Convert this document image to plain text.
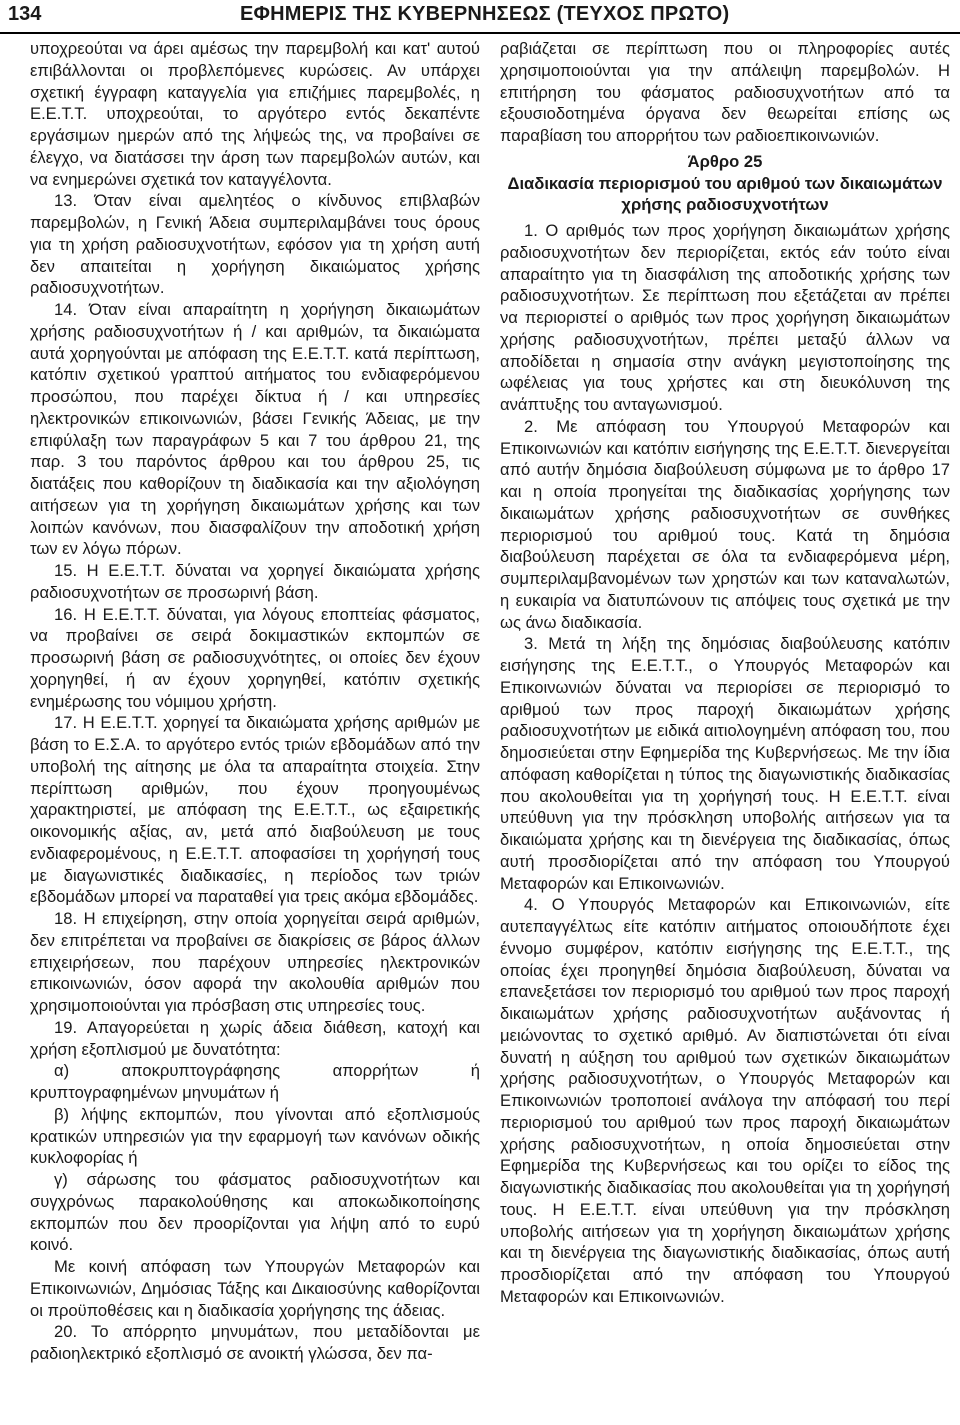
134	ΕΦΗΜΕΡΙΣ ΤΗΣ ΚΥΒΕΡΝΗΣΕΩΣ (ΤΕΥΧΟΣ ΠΡΩΤΟ)

υποχρεούται να άρει αμέσως την παρεμβολή και κατ' αυτού επιβάλλονται οι προβλεπόμενες κυρώσεις. Αν υπάρχει σχετική έγγραφη καταγγελία για επιζήμιες παρεμβολές, η Ε.Ε.Τ.Τ. υποχρεούται, το αργότερο εντός δεκαπέντε εργάσιμων ημερών από της λήψεώς της, να προβαίνει σε έλεγχο, να διατάσσει την άρση των παρεμβολών αυτών, και να ενημερώνει σχετικά τον καταγγέλοντα.

13. Όταν είναι αμελητέος ο κίνδυνος επιβλαβών παρεμβολών, η Γενική Άδεια συμπεριλαμβάνει τους όρους για τη χρήση ραδιοσυχνοτήτων, εφόσον για τη χρήση αυτή δεν απαιτείται η χορήγηση δικαιώματος χρήσης ραδιοσυχνοτήτων.

14. Όταν είναι απαραίτητη η χορήγηση δικαιωμάτων χρήσης ραδιοσυχνοτήτων ή / και αριθμών, τα δικαιώματα αυτά χορηγούνται με απόφαση της Ε.Ε.Τ.Τ. κατά περίπτωση, κατόπιν σχετικού γραπτού αιτήματος του ενδιαφερόμενου προσώπου, που παρέχει δίκτυα ή / και υπηρεσίες ηλεκτρονικών επικοινωνιών, βάσει Γενικής Άδειας, με την επιφύλαξη των παραγράφων 5 και 7 του άρθρου 21, της παρ. 3 του παρόντος άρθρου και του άρθρου 25, τις διατάξεις που καθορίζουν τη διαδικασία και την αξιολόγηση αιτήσεων για τη χορήγηση δικαιωμάτων χρήσης και των λοιπών κανόνων, που διασφαλίζουν την αποδοτική χρήση των εν λόγω πόρων.

15. Η Ε.Ε.Τ.Τ. δύναται να χορηγεί δικαιώματα χρήσης ραδιοσυχνοτήτων σε προσωρινή βάση.

16. Η Ε.Ε.Τ.Τ. δύναται, για λόγους εποπτείας φάσματος, να προβαίνει σε σειρά δοκιμαστικών εκπομπών σε προσωρινή βάση σε ραδιοσυχνότητες, οι οποίες δεν έχουν χορηγηθεί, ή αν έχουν χορηγηθεί, κατόπιν σχετικής ενημέρωσης του νόμιμου χρήστη.

17. Η Ε.Ε.Τ.Τ. χορηγεί τα δικαιώματα χρήσης αριθμών με βάση το Ε.Σ.Α. το αργότερο εντός τριών εβδομάδων από την υποβολή της αίτησης με όλα τα απαραίτητα στοιχεία. Στην περίπτωση αριθμών, που έχουν προηγουμένως χαρακτηριστεί, με απόφαση της Ε.Ε.Τ.Τ., ως εξαιρετικής οικονομικής αξίας, αν, μετά από διαβούλευση με τους ενδιαφερομένους, η Ε.Ε.Τ.Τ. αποφασίσει τη χορήγησή τους με διαγωνιστικές διαδικασίες, η περίοδος των τριών εβδομάδων μπορεί να παραταθεί για τρεις ακόμα εβδομάδες.

18. Η επιχείρηση, στην οποία χορηγείται σειρά αριθμών, δεν επιτρέπεται να προβαίνει σε διακρίσεις σε βάρος άλλων επιχειρήσεων, που παρέχουν υπηρεσίες ηλεκτρονικών επικοινωνιών, όσον αφορά την ακολουθία αριθμών που χρησιμοποιούνται για πρόσβαση στις υπηρεσίες τους.

19. Απαγορεύεται η χωρίς άδεια διάθεση, κατοχή και χρήση εξοπλισμού με δυνατότητα:

α) αποκρυπτογράφησης απορρήτων ή κρυπτογραφημένων μηνυμάτων ή

β) λήψης εκπομπών, που γίνονται από εξοπλισμούς κρατικών υπηρεσιών για την εφαρμογή των κανόνων οδικής κυκλοφορίας ή

γ) σάρωσης του φάσματος ραδιοσυχνοτήτων και συγχρόνως παρακολούθησης και αποκωδικοποίησης εκπομπών που δεν προορίζονται για λήψη από το ευρύ κοινό.

Με κοινή απόφαση των Υπουργών Μεταφορών και Επικοινωνιών, Δημόσιας Τάξης και Δικαιοσύνης καθορίζονται οι προϋποθέσεις και η διαδικασία χορήγησης της άδειας.

20. Το απόρρητο μηνυμάτων, που μεταδίδονται με ραδιοηλεκτρικό εξοπλισμό σε ανοικτή γλώσσα, δεν πα-

ραβιάζεται σε περίπτωση που οι πληροφορίες αυτές χρησιμοποιούνται για την απάλειψη παρεμβολών. Η επιτήρηση του φάσματος ραδιοσυχνοτήτων από τα εξουσιοδοτημένα όργανα δεν θεωρείται επίσης ως παραβίαση του απορρήτου των ραδιοεπικοινωνιών.

Άρθρο 25

Διαδικασία περιορισμού του αριθμού των δικαιωμάτων χρήσης ραδιοσυχνοτήτων

1. Ο αριθμός των προς χορήγηση δικαιωμάτων χρήσης ραδιοσυχνοτήτων δεν περιορίζεται, εκτός εάν τούτο είναι απαραίτητο για τη διασφάλιση της αποδοτικής χρήσης των ραδιοσυχνοτήτων. Σε περίπτωση που εξετάζεται αν πρέπει να περιοριστεί ο αριθμός των προς χορήγηση δικαιωμάτων χρήσης ραδιοσυχνοτήτων, πρέπει μεταξύ άλλων να αποδίδεται η σημασία στην ανάγκη μεγιστοποίησης της ωφέλειας για τους χρήστες και στη διευκόλυνση της ανάπτυξης του ανταγωνισμού.

2. Με απόφαση του Υπουργού Μεταφορών και Επικοινωνιών και κατόπιν εισήγησης της Ε.Ε.Τ.Τ. διενεργείται από αυτήν δημόσια διαβούλευση σύμφωνα με το άρθρο 17 και η οποία προηγείται της διαδικασίας χορήγησης των δικαιωμάτων χρήσης ραδιοσυχνοτήτων σε συνθήκες περιορισμού του αριθμού τους. Κατά τη δημόσια διαβούλευση παρέχεται σε όλα τα ενδιαφερόμενα μέρη, συμπεριλαμβανομένων των χρηστών και των καταναλωτών, η ευκαιρία να διατυπώνουν τις απόψεις τους σχετικά με την ως άνω διαδικασία.

3. Μετά τη λήξη της δημόσιας διαβούλευσης κατόπιν εισήγησης της Ε.Ε.Τ.Τ., ο Υπουργός Μεταφορών και Επικοινωνιών δύναται να περιορίσει σε περιορισμό το αριθμού των προς παροχή δικαιωμάτων χρήσης ραδιοσυχνοτήτων με ειδικά αιτιολογημένη απόφαση του, που δημοσιεύεται στην Εφημερίδα της Κυβερνήσεως. Με την ίδια απόφαση καθορίζεται η τύπος της διαγωνιστικής διαδικασίας που ακολουθείται για τη χορήγησή τους. Η Ε.Ε.Τ.Τ. είναι υπεύθυνη για την πρόσκληση υποβολής αιτήσεων για τα δικαιώματα χρήσης και τη διενέργεια της διαδικασίας, όπως αυτή προσδιορίζεται από την απόφαση του Υπουργού Μεταφορών και Επικοινωνιών.

4. Ο Υπουργός Μεταφορών και Επικοινωνιών, είτε αυτεπαγγέλτως είτε κατόπιν αιτήματος οποιουδήποτε έχει έννομο συμφέρον, κατόπιν εισήγησης της Ε.Ε.Τ.Τ., της οποίας έχει προηγηθεί δημόσια διαβούλευση, δύναται να επανεξετάσει τον περιορισμό του αριθμού των προς παροχή δικαιωμάτων χρήσης ραδιοσυχνοτήτων αυξάνοντας ή μειώνοντας το σχετικό αριθμό. Αν διαπιστώνεται ότι είναι δυνατή η αύξηση του αριθμού των σχετικών δικαιωμάτων χρήσης ραδιοσυχνοτήτων, ο Υπουργός Μεταφορών και Επικοινωνιών τροποποιεί ανάλογα την απόφασή του περί περιορισμού του αριθμού των προς παροχή δικαιωμάτων χρήσης ραδιοσυχνοτήτων, η οποία δημοσιεύεται στην Εφημερίδα της Κυβερνήσεως και του ορίζει το είδος της διαγωνιστικής διαδικασίας που ακολουθείται για τη χορήγησή τους. Η Ε.Ε.Τ.Τ. είναι υπεύθυνη για την πρόσκληση υποβολής αιτήσεων για τη χορήγηση δικαιωμάτων χρήσης και τη διενέργεια της διαγωνιστικής διαδικασίας, όπως αυτή προσδιορίζεται από την απόφαση του Υπουργού Μεταφορών και Επικοινωνιών.
